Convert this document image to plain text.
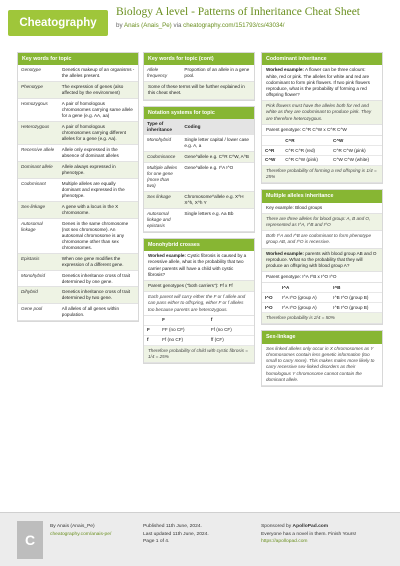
Cheatography
Biology A level - Patterns of Inheritance Cheat Sheet
by Anais (Anais_Pe) via cheatography.com/151793/cs/43034/
Key words for topic
Genotype	Genetics makeup of an organisms - the alleles present.
Phenotype	The expression of genes (also affected by the environment)
Homozygous	A pair of homologous chromosomes carrying same allele for a gene (e.g. AA, aa)
Heterozygous	A pair of homologous chromosomes carrying different alleles for a gene (e.g. Aa).
Recessive allele	Allele only expressed in the absence of dominant alleles
Dominant allele	Allele always expressed in phenotype.
Codominant	Multiple alleles are equally dominant and expressed in the phenotype.
Sex-linkage	A gene with a locus in the X chromosome.
Autosomal linkage	Genes in the same chromosome (not sex chromosome). An autosomal chromosome is any chromosome other than sex chromosomes.
Epistasis	When one gene modifies the expression of a different gene.
Monohybrid	Genetics inheritance cross of trait determined by one gene.
Dihybrid	Genetics inheritance cross of trait determined by two gene.
Gene pool	All alleles of all genes within population.
Key words for topic (cont)
Allele frequency	Proportion of an allele in a gene pool.
Some of these terms will be further explained in this cheat sheet.
Notation systems for topic
Type of inheritance	Coding
Monohybrid	Single letter capital / lower case e.g. A, a
Codominance	Gene^allele e.g. C^R C^W, A^B
Multiple alleles for one gene (more than two)	Gene^allele e.g. I^A I^O
Sex linkage	Chromosome^allele e.g. X^H X^h, X^h Y
Autosomal linkage and epistasis	Single letters e.g. Aa Bb
Monohybrid crosses
Worked example: Cystic fibrosis is caused by a recessive allele, what is the probability that two carrier parents will have a child with cystic fibrosis?
Parent genotypes ("both carriers"): Ff x Ff
Each parent will carry either the F or f allele and can pass either to offspring, either F or f alleles too because parents are heterozygous.
	F	f
F	FF (no CF)	Ff (no CF)
f	Ff (no CF)	ff (CF)
Therefore probability of child with cystic fibrosis = 1/4 = 25%
Codominant inheritance
Worked example: A flower can be three colours: white, red or pink. The alleles for white and red are codominant to form pink flowers. If two pink flowers reproduce, what is the probability of forming a red offspring flower?
Pink flowers must have the alleles both for red and white as they are codominant to produce pink. They are therefore heterozygous.
Parent genotype: C^R C^W x C^R C^W
	C^R	C^W
C^R	C^R C^R (red)	C^R C^W (pink)
C^W	C^R C^W (pink)	C^W C^W (white)
Therefore probability of forming a red offspring is 1/4 = 25%
Multiple alleles inheritance
Key example: Blood groups
There are three alleles for blood group: A, B and O, represented as I^A, I^B and I^O
Both I^A and I^B are codominant to form phenotype group AB, and I^O is recessive.
Worked example: parents with blood group AB and O reproduce. What so the probability that they will produce an offspring with blood group A?
Parent genotype: I^A I^B x I^O I^O
	I^A	I^B
I^O	I^A I^O (group A)	I^B I^O (group B)
I^O	I^A I^O (group A)	I^B I^O (group B)
Therefore probability is 2/4 = 50%
Sex-linkage
Sex linked alleles only occur in X chromosomes as Y chromosomes contain less genetic information (too small to carry more). This makes males more likely to carry recessive sex-linked disorders as their homologous Y chromosome cannot contain the dominant allele.
C
By Anais (Anais_Pe)
cheatography.com/anais-pe/
Published 11th June, 2024.
Last updated 11th June, 2024.
Page 1 of 4.
Sponsored by ApolloPad.com
Everyone has a novel in them. Finish Yours!
https://apollopad.com
